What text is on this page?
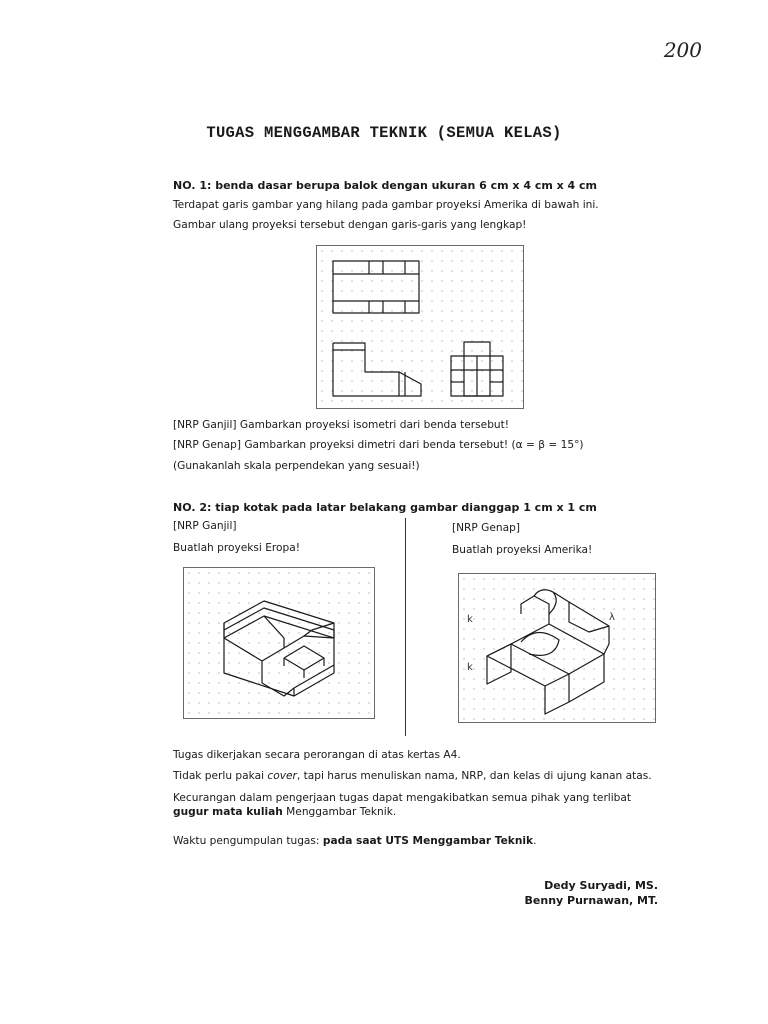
200
TUGAS MENGGAMBAR TEKNIK (SEMUA KELAS)
NO. 1: benda dasar berupa balok dengan ukuran 6 cm x 4 cm x 4 cm
Terdapat garis gambar yang hilang pada gambar proyeksi Amerika di bawah ini.
Gambar ulang proyeksi tersebut dengan garis-garis yang lengkap!
[NRP Ganjil] Gambarkan proyeksi isometri dari benda tersebut!
[NRP Genap] Gambarkan proyeksi dimetri dari benda tersebut! (α = β = 15°)
(Gunakanlah skala perpendekan yang sesuai!)
NO. 2: tiap kotak pada latar belakang gambar dianggap 1 cm x 1 cm
[NRP Ganjil]
Buatlah proyeksi Eropa!
[NRP Genap]
Buatlah proyeksi Amerika!
k	λ
k
Tugas dikerjakan secara perorangan di atas kertas A4.
Tidak perlu pakai cover, tapi harus menuliskan nama, NRP, dan kelas di ujung kanan atas.
Kecurangan dalam pengerjaan tugas dapat mengakibatkan semua pihak yang terlibat
gugur mata kuliah Menggambar Teknik.
Waktu pengumpulan tugas: pada saat UTS Menggambar Teknik.
Dedy Suryadi, MS.
Benny Purnawan, MT.
